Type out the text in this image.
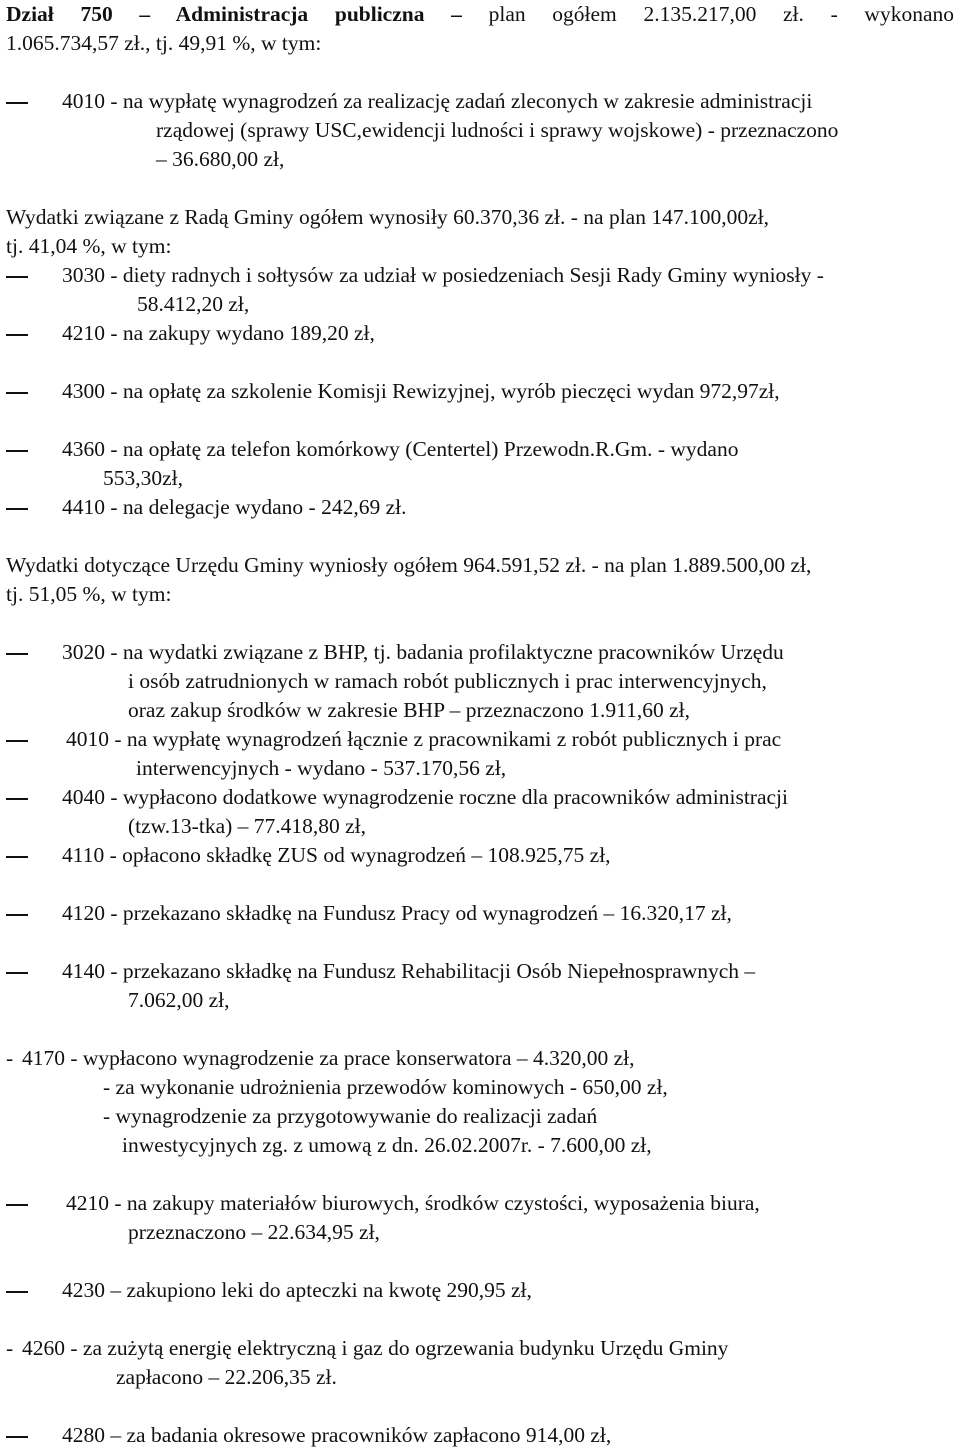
Dział 750 – Administracja publiczna – plan ogółem 2.135.217,00 zł. - wykonano
1.065.734,57 zł., tj. 49,91 %, w tym:
4010 - na wypłatę wynagrodzeń za realizację zadań zleconych w zakresie administracji
rządowej (sprawy USC,ewidencji ludności i sprawy wojskowe) - przeznaczono
– 36.680,00 zł,
Wydatki związane z Radą Gminy ogółem wynosiły 60.370,36 zł. - na plan 147.100,00zł,
tj. 41,04 %, w tym:
3030 - diety radnych i sołtysów za udział w posiedzeniach Sesji Rady Gminy wyniosły -
58.412,20 zł,
4210 - na zakupy wydano 189,20 zł,
4300 - na opłatę za szkolenie Komisji Rewizyjnej, wyrób pieczęci wydan 972,97zł,
4360 - na opłatę za telefon komórkowy (Centertel) Przewodn.R.Gm. - wydano
553,30zł,
4410 - na delegacje wydano - 242,69 zł.
Wydatki dotyczące Urzędu Gminy wyniosły ogółem 964.591,52 zł. - na plan 1.889.500,00 zł,
tj. 51,05 %, w tym:
3020 - na wydatki związane z BHP, tj. badania profilaktyczne pracowników Urzędu
i osób zatrudnionych w ramach robót publicznych i prac interwencyjnych,
oraz zakup środków w zakresie BHP – przeznaczono 1.911,60 zł,
4010 - na wypłatę wynagrodzeń łącznie z pracownikami z robót publicznych i prac
interwencyjnych - wydano - 537.170,56 zł,
4040 - wypłacono dodatkowe wynagrodzenie roczne dla pracowników administracji
(tzw.13-tka) – 77.418,80 zł,
4110 - opłacono składkę ZUS od wynagrodzeń – 108.925,75 zł,
4120 - przekazano składkę na Fundusz Pracy od wynagrodzeń – 16.320,17 zł,
4140 - przekazano składkę na Fundusz Rehabilitacji Osób Niepełnosprawnych –
7.062,00 zł,
- 4170 - wypłacono wynagrodzenie za prace konserwatora – 4.320,00 zł,
- za wykonanie udrożnienia przewodów kominowych - 650,00 zł,
- wynagrodzenie za przygotowywanie do realizacji zadań
inwestycyjnych zg. z umową z dn. 26.02.2007r. - 7.600,00 zł,
4210 - na zakupy materiałów biurowych, środków czystości, wyposażenia biura,
przeznaczono – 22.634,95 zł,
4230 – zakupiono leki do apteczki na kwotę 290,95 zł,
- 4260 - za zużytą energię elektryczną i gaz do ogrzewania budynku Urzędu Gminy
zapłacono – 22.206,35 zł.
4280 – za badania okresowe pracowników zapłacono 914,00 zł,
